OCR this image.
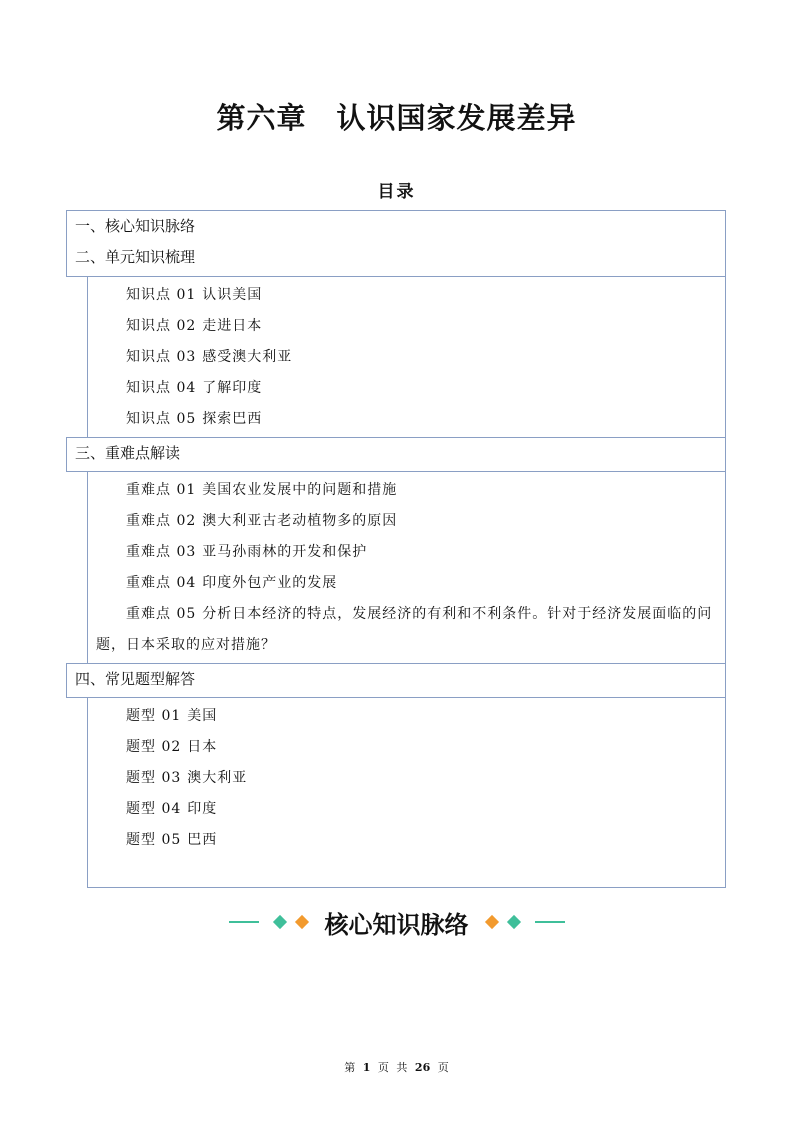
第六章　认识国家发展差异
目录
一、核心知识脉络
二、单元知识梳理
知识点 01 认识美国
知识点 02 走进日本
知识点 03 感受澳大利亚
知识点 04 了解印度
知识点 05 探索巴西
三、重难点解读
重难点 01 美国农业发展中的问题和措施
重难点 02 澳大利亚古老动植物多的原因
重难点 03 亚马孙雨林的开发和保护
重难点 04 印度外包产业的发展
重难点 05 分析日本经济的特点，发展经济的有利和不利条件。针对于经济发展面临的问题，日本采取的应对措施？
四、常见题型解答
题型 01 美国
题型 02 日本
题型 03 澳大利亚
题型 04 印度
题型 05 巴西
核心知识脉络
第 1 页 共 26 页
